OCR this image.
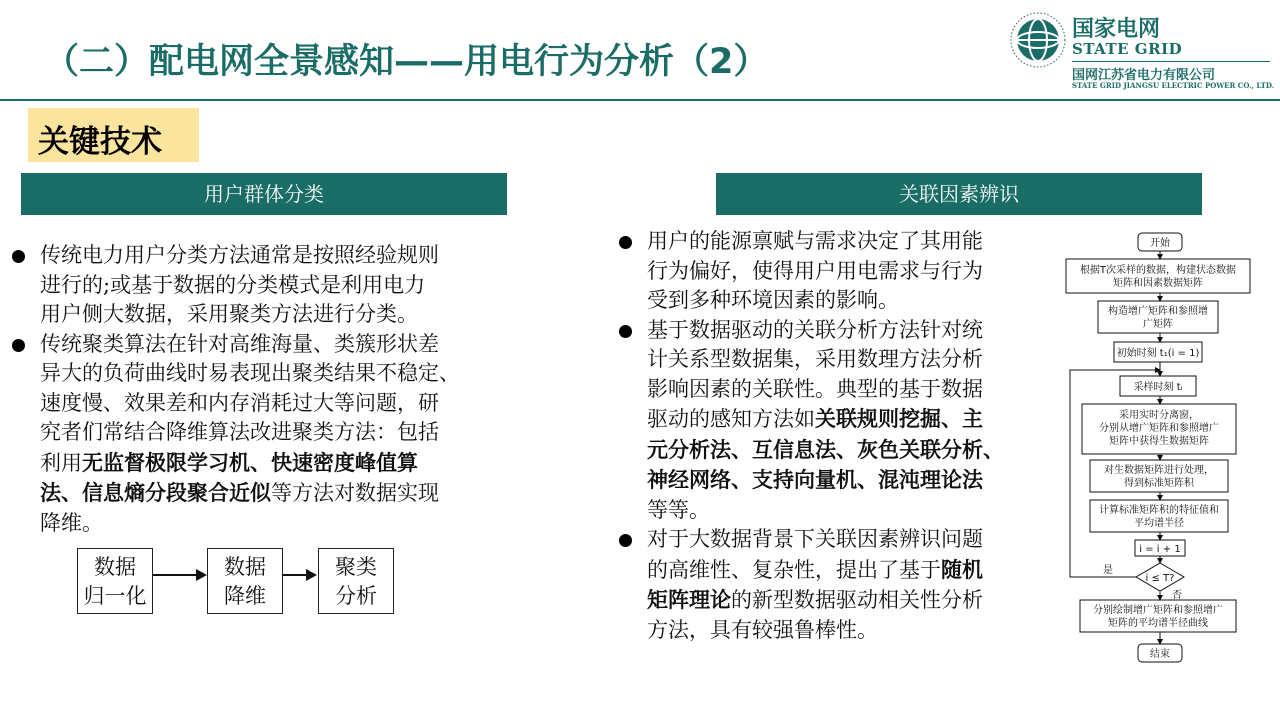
（二）配电网全景感知——用电行为分析（2）
国家电网
STATE GRID
国网江苏省电力有限公司
STATE GRID JIANGSU ELECTRIC POWER CO., LTD.
关键技术
用户群体分类	关联因素辨识
传统电力用户分类方法通常是按照经验规则
进行的;或基于数据的分类模式是利用电力
用户侧大数据，采用聚类方法进行分类。
传统聚类算法在针对高维海量、类簇形状差
异大的负荷曲线时易表现出聚类结果不稳定、
速度慢、效果差和内存消耗过大等问题，研
究者们常结合降维算法改进聚类方法：包括
利用无监督极限学习机、快速密度峰值算
法、信息熵分段聚合近似等方法对数据实现
降维。
数据
归一化
数据
降维
聚类
分析
用户的能源禀赋与需求决定了其用能
行为偏好，使得用户用电需求与行为
受到多种环境因素的影响。
基于数据驱动的关联分析方法针对统
计关系型数据集，采用数理方法分析
影响因素的关联性。典型的基于数据
驱动的感知方法如关联规则挖掘、主
元分析法、互信息法、灰色关联分析、
神经网络、支持向量机、混沌理论法
等等。
对于大数据背景下关联因素辨识问题
的高维性、复杂性，提出了基于随机
矩阵理论的新型数据驱动相关性分析
方法，具有较强鲁棒性。
开始
根据T次采样的数据，构建状态数据
矩阵和因素数据矩阵
构造增广矩阵和参照增
广矩阵
初始时刻 t₁(i = 1)
采样时刻 tᵢ
采用实时分离窗，
分别从增广矩阵和参照增广
矩阵中获得生数据矩阵
对生数据矩阵进行处理，
得到标准矩阵积
计算标准矩阵积的特征值和
平均谱半径
i = i + 1
i ≤ T?
是
否
分别绘制增广矩阵和参照增广
矩阵的平均谱半径曲线
结束
